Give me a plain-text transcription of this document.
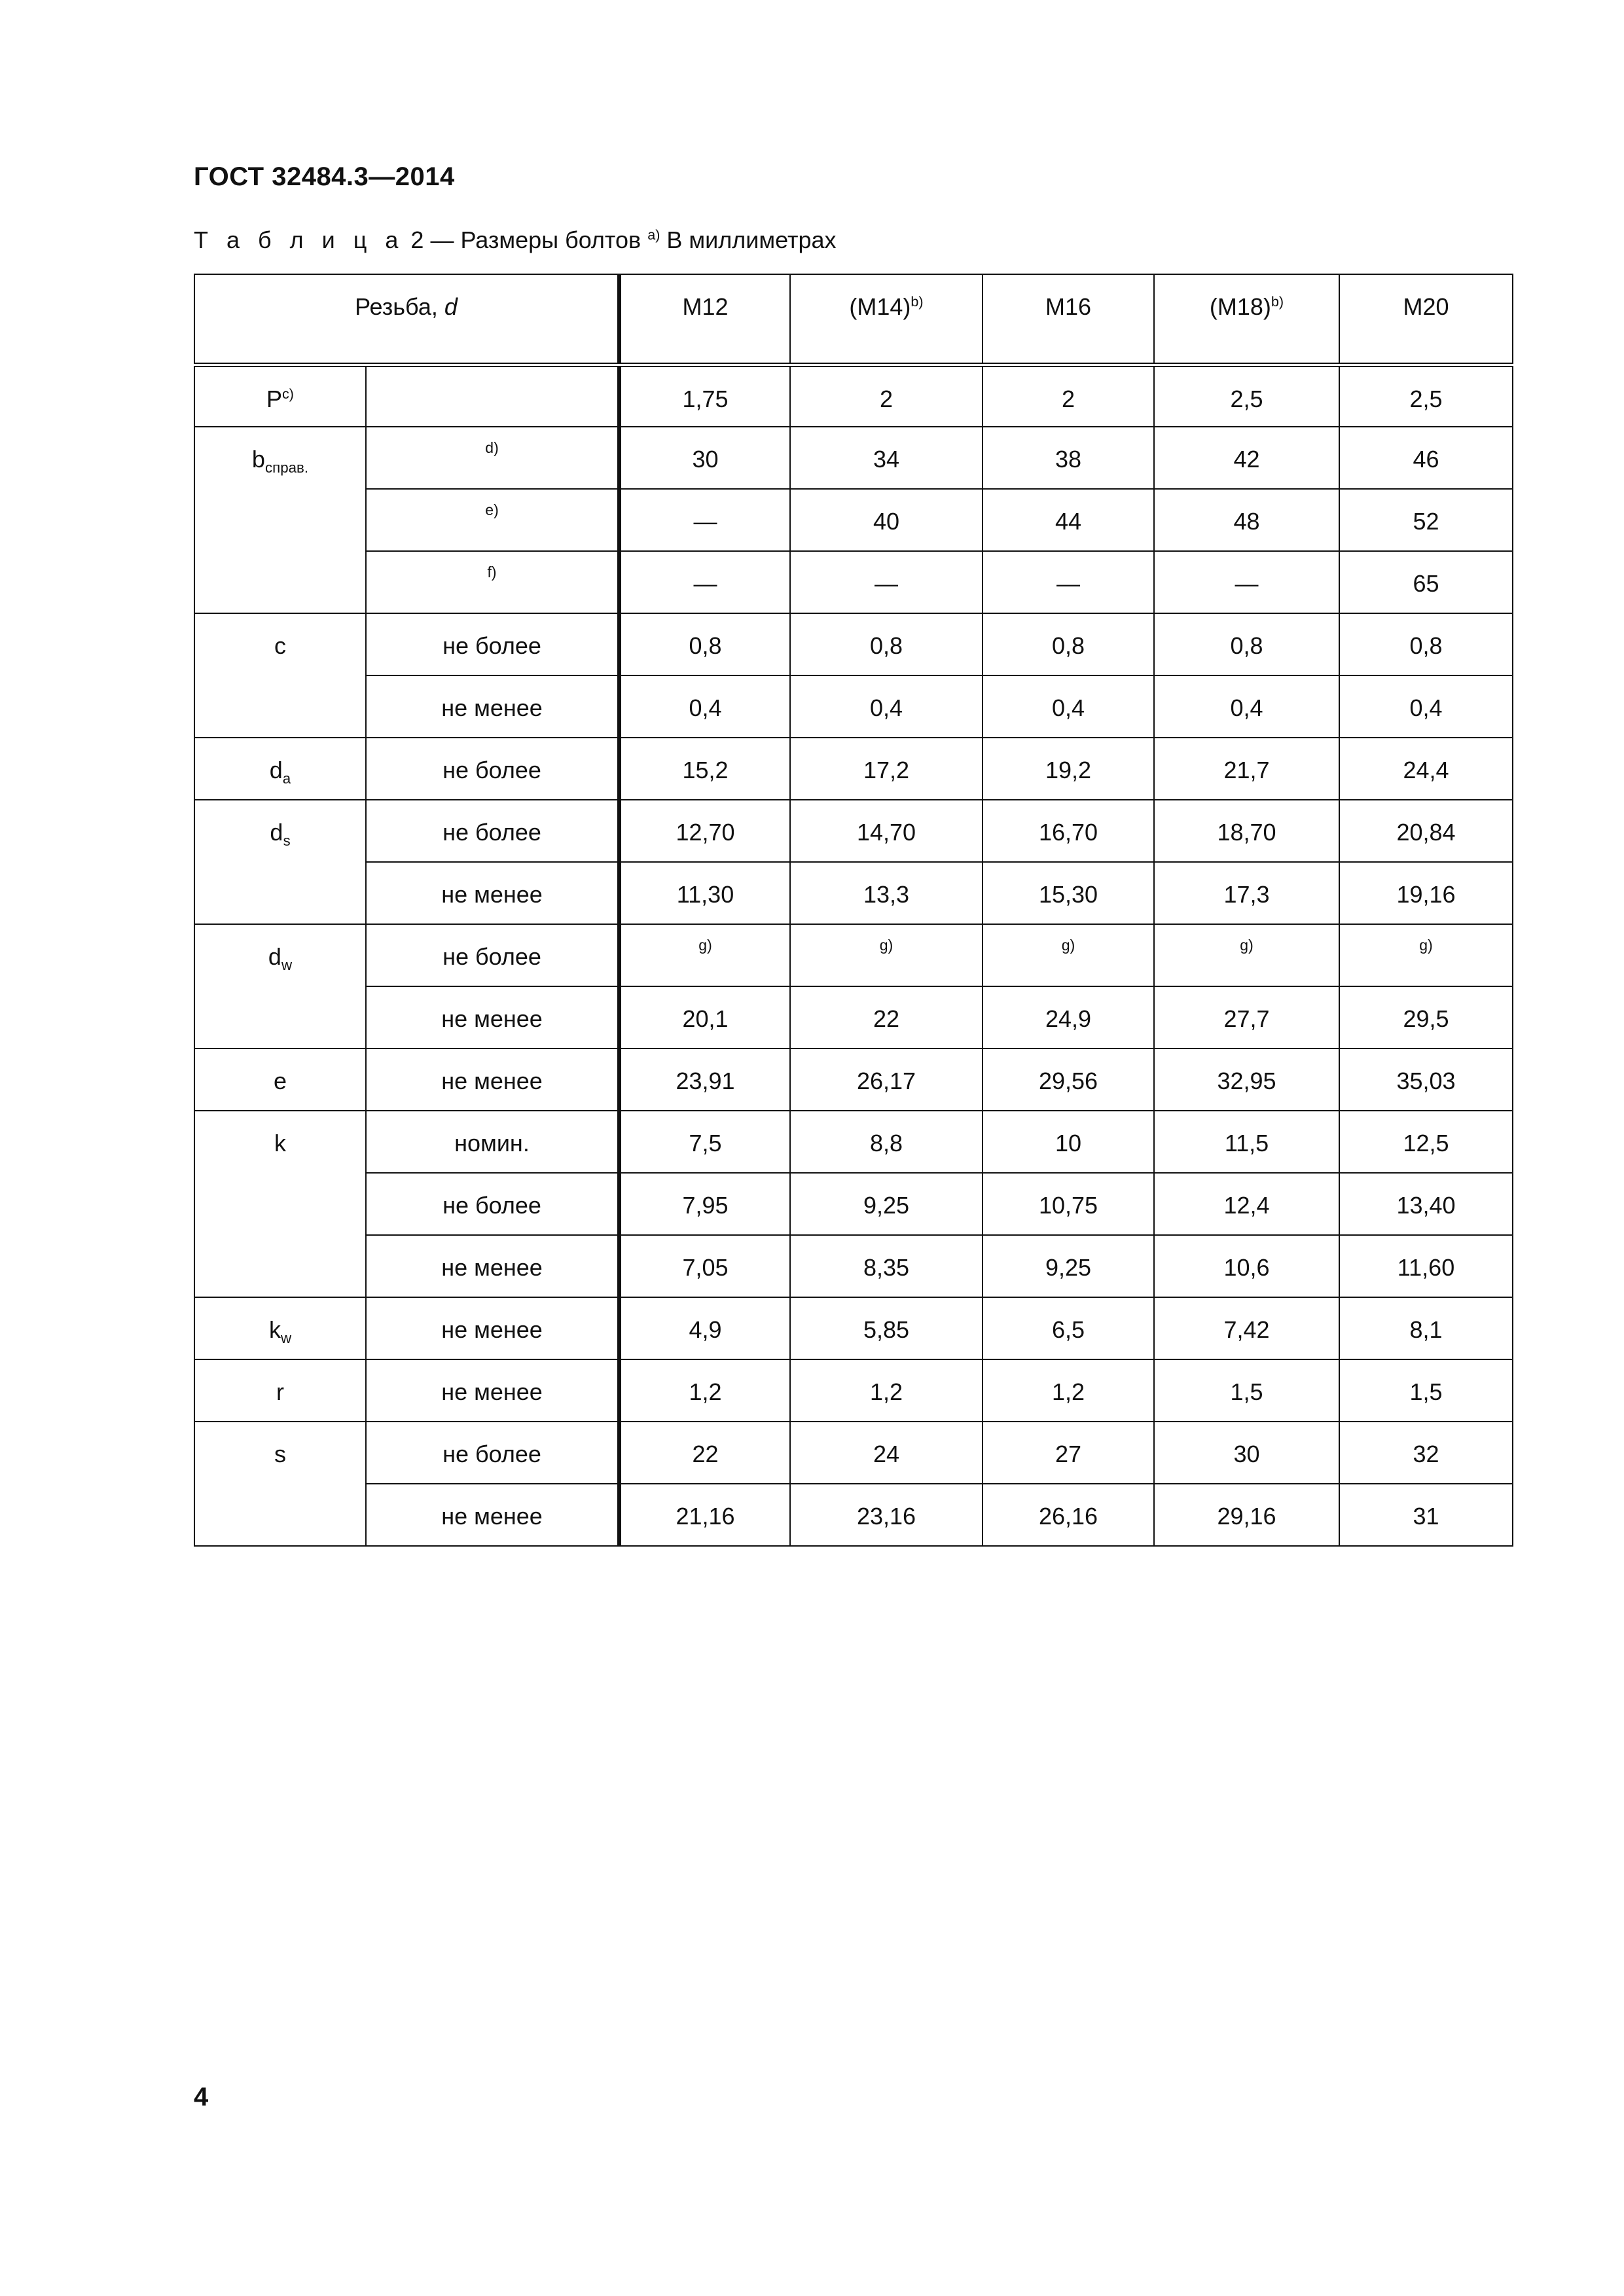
ГОСТ 32484.3—2014
Т а б л и ц а 2 — Размеры болтов $^{a)}$ В миллиметрах
Резьба, d		M12	$(M14)^{b)}$	M16	$(M18)^{b)}$	M20
$P^{c)}$		1,75	2	2	2,5	2,5
$b_{справ.}$	d)	30	34	38	42	46
	e)	—	40	44	48	52
	f)	—	—	—	—	65
c	не более	0,8	0,8	0,8	0,8	0,8
	не менее	0,4	0,4	0,4	0,4	0,4
$d_a$	не более	15,2	17,2	19,2	21,7	24,4
$d_s$	не более	12,70	14,70	16,70	18,70	20,84
	не менее	11,30	13,3	15,30	17,3	19,16
$d_w$	не более	g)	g)	g)	g)	g)
	не менее	20,1	22	24,9	27,7	29,5
e	не менее	23,91	26,17	29,56	32,95	35,03
k	номин.	7,5	8,8	10	11,5	12,5
	не более	7,95	9,25	10,75	12,4	13,40
	не менее	7,05	8,35	9,25	10,6	11,60
$k_w$	не менее	4,9	5,85	6,5	7,42	8,1
r	не менее	1,2	1,2	1,2	1,5	1,5
s	не более	22	24	27	30	32
	не менее	21,16	23,16	26,16	29,16	31
4
